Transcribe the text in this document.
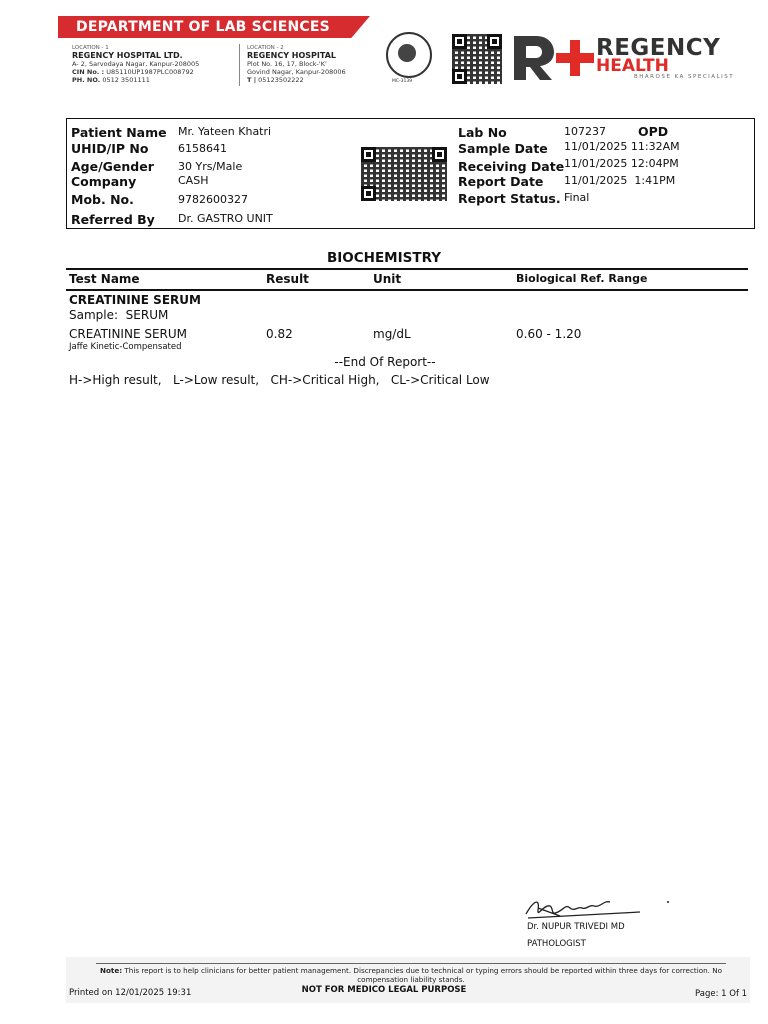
DEPARTMENT OF LAB SCIENCES
LOCATION - 1
REGENCY HOSPITAL LTD.
A- 2, Sarvodaya Nagar, Kanpur-208005
CIN No. : U85110UP1987PLC008792
PH. NO. 0512 3501111
LOCATION - 2
REGENCY HOSPITAL
Plot No. 16, 17, Block-'K'
Govind Nagar, Kanpur-208006
T | 05123502222	MC-3139
REGENCY
HEALTH
BHAROSE KA SPECIALIST
Patient Name Mr. Yateen Khatri
UHID/IP No	6158641
Age/Gender 30 Yrs/Male
Company	CASH
Mob. No.	9782600327
Referred By Dr. GASTRO UNIT
Lab No	107237	OPD
Sample Date 11/01/2025 11:32AM
Receiving Date 11/01/2025 12:04PM
Report Date 11/01/2025  1:41PM
Report Status. Final
BIOCHEMISTRY
Test Name	Result	Unit	Biological Ref. Range
CREATININE SERUM
Sample:  SERUM
CREATININE SERUM
Jaffe Kinetic-Compensated
0.82	mg/dL	0.60 - 1.20
--End Of Report--
H->High result,   L->Low result,   CH->Critical High,   CL->Critical Low
Dr. NUPUR TRIVEDI MD
PATHOLOGIST
Note: This report is to help clinicians for better patient management. Discrepancies due to technical or typing errors should be reported within three days for correction. No compensation liability stands.
Printed on 12/01/2025 19:31	NOT FOR MEDICO LEGAL PURPOSE	Page: 1 Of 1
